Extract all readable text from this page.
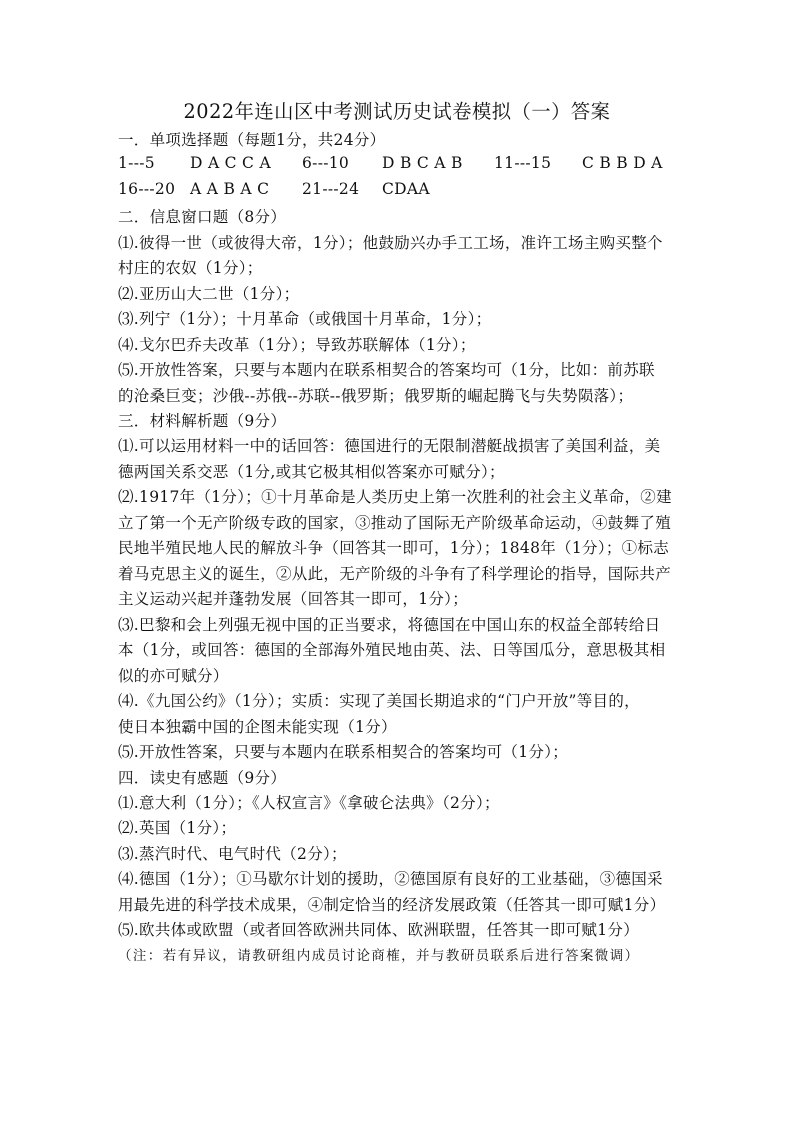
2022年连山区中考测试历史试卷模拟（一）答案
一．单项选择题（每题1分，共24分）
1---5 D A C C A 6---10 D B C A B 11---15 C B B D A
16---20 A A B A C 21---24 CDAA
二．信息窗口题（8分）
⑴.彼得一世（或彼得大帝，1分）；他鼓励兴办手工工场，准许工场主购买整个
村庄的农奴（1分）；
⑵.亚历山大二世（1分）；
⑶.列宁（1分）；十月革命（或俄国十月革命，1分）；
⑷.戈尔巴乔夫改革（1分）；导致苏联解体（1分）；
⑸.开放性答案，只要与本题内在联系相契合的答案均可（1分，比如：前苏联
的沧桑巨变；沙俄--苏俄--苏联--俄罗斯；俄罗斯的崛起腾飞与失势陨落）；
三．材料解析题（9分）
⑴.可以运用材料一中的话回答：德国进行的无限制潜艇战损害了美国利益，美
德两国关系交恶（1分,或其它极其相似答案亦可赋分）；
⑵.1917年（1分）；①十月革命是人类历史上第一次胜利的社会主义革命，②建
立了第一个无产阶级专政的国家，③推动了国际无产阶级革命运动，④鼓舞了殖
民地半殖民地人民的解放斗争（回答其一即可，1分）；1848年（1分）；①标志
着马克思主义的诞生，②从此，无产阶级的斗争有了科学理论的指导，国际共产
主义运动兴起并蓬勃发展（回答其一即可，1分）；
⑶.巴黎和会上列强无视中国的正当要求，将德国在中国山东的权益全部转给日
本（1分，或回答：德国的全部海外殖民地由英、法、日等国瓜分，意思极其相
似的亦可赋分）
⑷.《九国公约》（1分）；实质：实现了美国长期追求的“门户开放”等目的，
使日本独霸中国的企图未能实现（1分）
⑸.开放性答案，只要与本题内在联系相契合的答案均可（1分）；
四．读史有感题（9分）
⑴.意大利（1分）；《人权宣言》《拿破仑法典》（2分）；
⑵.英国（1分）；
⑶.蒸汽时代、电气时代（2分）；
⑷.德国（1分）；①马歇尔计划的援助，②德国原有良好的工业基础，③德国采
用最先进的科学技术成果，④制定恰当的经济发展政策（任答其一即可赋1分）
⑸.欧共体或欧盟（或者回答欧洲共同体、欧洲联盟，任答其一即可赋1分）
（注：若有异议，请教研组内成员讨论商榷，并与教研员联系后进行答案微调）
